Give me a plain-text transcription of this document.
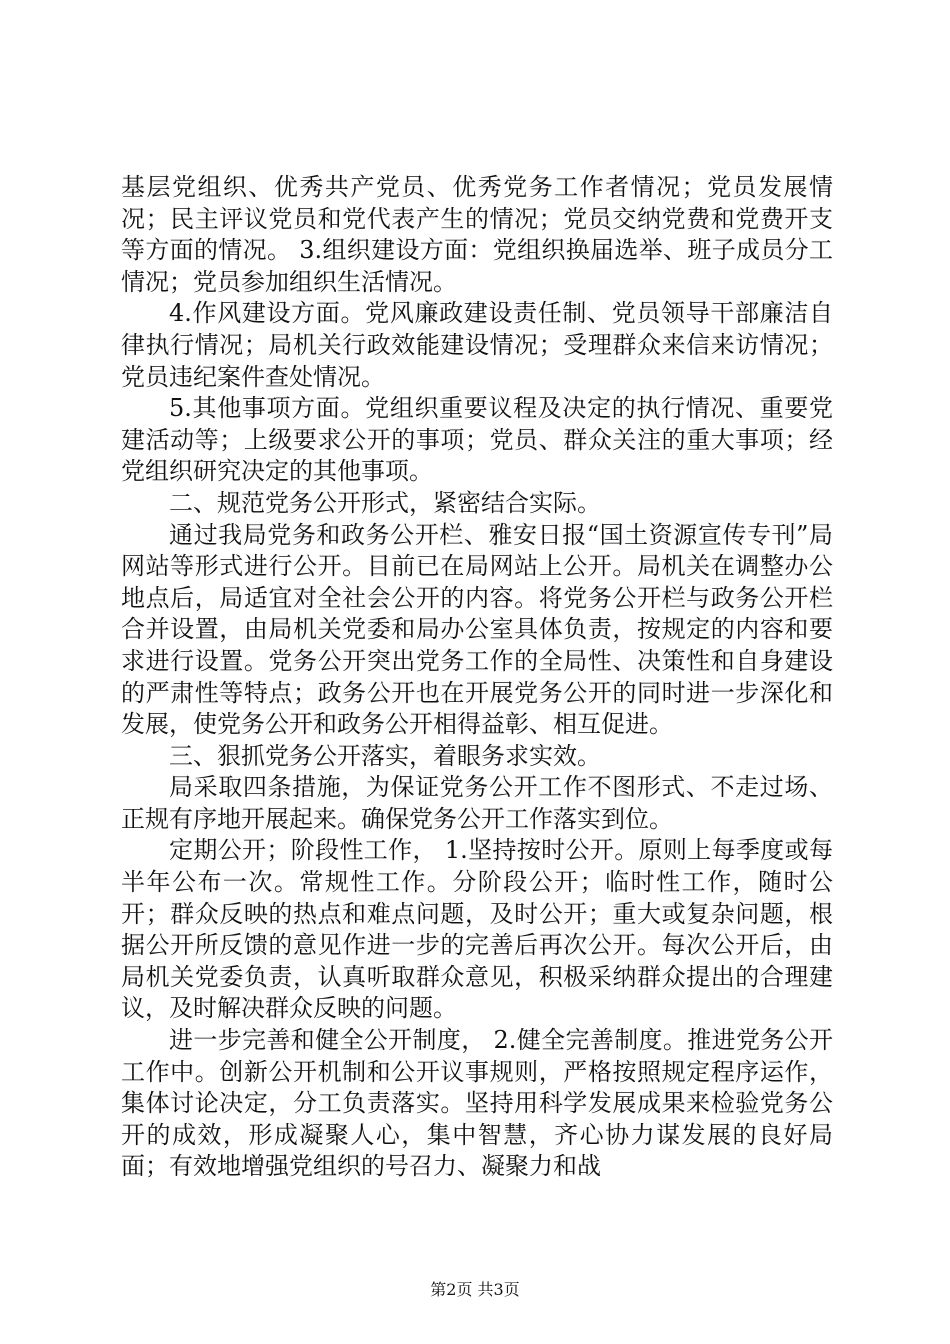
基层党组织、优秀共产党员、优秀党务工作者情况；党员发展情况；民主评议党员和党代表产生的情况；党员交纳党费和党费开支等方面的情况。 3.组织建设方面：党组织换届选举、班子成员分工情况；党员参加组织生活情况。

4.作风建设方面。党风廉政建设责任制、党员领导干部廉洁自律执行情况；局机关行政效能建设情况；受理群众来信来访情况；党员违纪案件查处情况。

5.其他事项方面。党组织重要议程及决定的执行情况、重要党建活动等；上级要求公开的事项；党员、群众关注的重大事项；经党组织研究决定的其他事项。

二、规范党务公开形式，紧密结合实际。

通过我局党务和政务公开栏、雅安日报“国土资源宣传专刊”局网站等形式进行公开。目前已在局网站上公开。局机关在调整办公地点后，局适宜对全社会公开的内容。将党务公开栏与政务公开栏合并设置，由局机关党委和局办公室具体负责，按规定的内容和要求进行设置。党务公开突出党务工作的全局性、决策性和自身建设的严肃性等特点；政务公开也在开展党务公开的同时进一步深化和发展，使党务公开和政务公开相得益彰、相互促进。

三、狠抓党务公开落实，着眼务求实效。

局采取四条措施，为保证党务公开工作不图形式、不走过场、正规有序地开展起来。确保党务公开工作落实到位。

定期公开；阶段性工作， 1.坚持按时公开。原则上每季度或每半年公布一次。常规性工作。分阶段公开；临时性工作，随时公开；群众反映的热点和难点问题，及时公开；重大或复杂问题，根据公开所反馈的意见作进一步的完善后再次公开。每次公开后，由局机关党委负责，认真听取群众意见，积极采纳群众提出的合理建议，及时解决群众反映的问题。

进一步完善和健全公开制度， 2.健全完善制度。推进党务公开工作中。创新公开机制和公开议事规则，严格按照规定程序运作，集体讨论决定，分工负责落实。坚持用科学发展成果来检验党务公开的成效，形成凝聚人心，集中智慧，齐心协力谋发展的良好局面；有效地增强党组织的号召力、凝聚力和战

第2页 共3页
